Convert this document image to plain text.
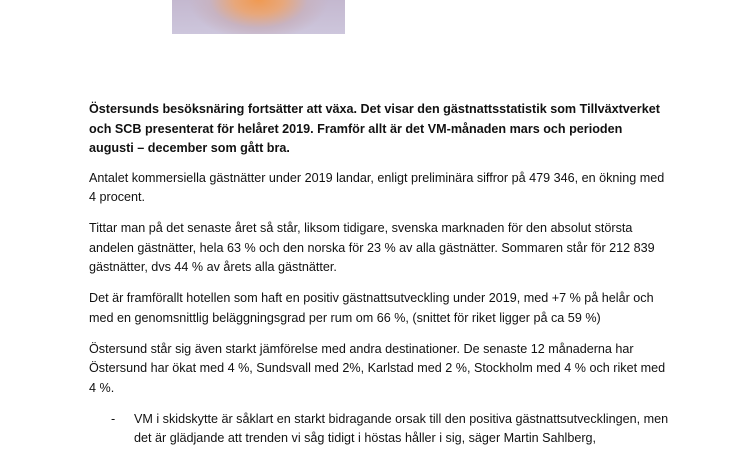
Östersunds besöksnäring fortsätter att växa. Det visar den gästnattsstatistik som Tillväxtverket och SCB presenterat för helåret 2019. Framför allt är det VM-månaden mars och perioden augusti – december som gått bra.

Antalet kommersiella gästnätter under 2019 landar, enligt preliminära siffror på 479 346, en ökning med 4 procent.

Tittar man på det senaste året så står, liksom tidigare, svenska marknaden för den absolut största andelen gästnätter, hela 63 % och den norska för 23 % av alla gästnätter. Sommaren står för 212 839 gästnätter, dvs 44 % av årets alla gästnätter.

Det är framförallt hotellen som haft en positiv gästnattsutveckling under 2019, med +7 % på helår och med en genomsnittlig beläggningsgrad per rum om 66 %, (snittet för riket ligger på ca 59 %)

Östersund står sig även starkt jämförelse med andra destinationer. De senaste 12 månaderna har Östersund har ökat med 4 %, Sundsvall med 2%, Karlstad med 2 %, Stockholm med 4 % och riket med 4 %.

- VM i skidskytte är såklart en starkt bidragande orsak till den positiva gästnattsutvecklingen, men det är glädjande att trenden vi såg tidigt i höstas håller i sig, säger Martin Sahlberg,
